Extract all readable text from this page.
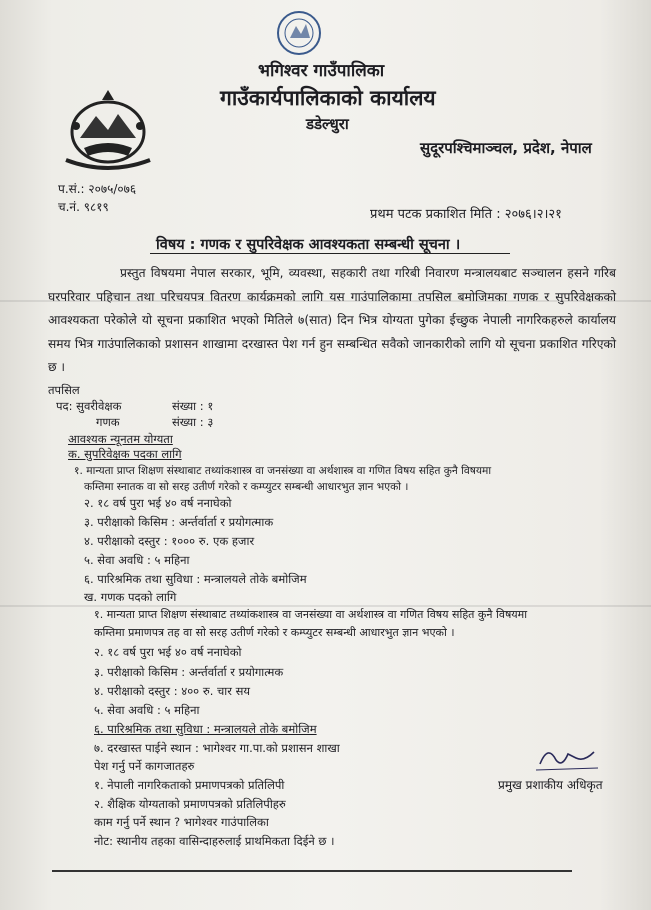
भगिश्वर गाउँपालिका
गाउँकार्यपालिकाको कार्यालय
डडेल्धुरा
सुदूरपश्चिमाञ्चल, प्रदेश, नेपाल
प.सं.: २०७५/०७६
च.नं. ९८१९	प्रथम पटक प्रकाशित मिति : २०७६।२।२१
विषय : गणक र सुपरिवेक्षक आवश्यकता सम्बन्धी सूचना ।
प्रस्तुत विषयमा नेपाल सरकार, भूमि, व्यवस्था, सहकारी तथा गरिबी निवारण मन्त्रालयबाट सञ्चालन हसने गरिब घरपरिवार पहिचान तथा परिचयपत्र वितरण कार्यक्रमको लागि यस गाउंपालिकामा तपसिल बमोजिमका गणक र सुपरिवेक्षकको आवश्यकता परेकोले यो सूचना प्रकाशित भएको मितिले ७(सात) दिन भित्र योग्यता पुगेका ईच्छुक नेपाली नागरिकहरुले कार्यालय समय भित्र गाउंपालिकाको प्रशासन शाखामा दरखास्त पेश गर्न हुन सम्बन्धित सवैको जानकारीको लागि यो सूचना प्रकाशित गरिएको छ ।
तपसिल
पद: सुवरीवेक्षक	संख्या : १
गणक	संख्या : ३
आवश्यक न्यूनतम योग्यता
क. सुपरिवेक्षक पदका लागि
१. मान्यता प्राप्त शिक्षण संस्थाबाट तथ्यांकशास्त्र वा जनसंख्या वा अर्थशास्त्र वा गणित विषय सहित कुनै विषयमा
कम्तिमा स्नातक वा सो सरह उतीर्ण गरेको र कम्प्युटर सम्बन्धी आधारभुत ज्ञान भएको ।
२. १८ वर्ष पुरा भई ४० वर्ष ननाघेको
३. परीक्षाको किसिम : अर्न्तर्वार्ता र प्रयोगत्माक
४. परीक्षाको दस्तुर : १००० रु. एक हजार
५. सेवा अवधि : ५ महिना
६. पारिश्रमिक तथा सुविधा : मन्त्रालयले तोके बमोजिम
ख. गणक पदको लागि
१. मान्यता प्राप्त शिक्षण संस्थाबाट तथ्यांकशास्त्र वा जनसंख्या वा अर्थशास्त्र वा गणित विषय सहित कुनै विषयमा
कम्तिमा प्रमाणपत्र तह वा सो सरह उतीर्ण गरेको र कम्प्युटर सम्बन्धी आधारभुत ज्ञान भएको ।
२. १८ वर्ष पुरा भई ४० वर्ष ननाघेको
३. परीक्षाको किसिम : अर्न्तर्वार्ता र प्रयोगात्मक
४. परीक्षाको दस्तुर : ४०० रु. चार सय
५. सेवा अवधि : ५ महिना
६. पारिश्रमिक तथा सुविधा : मन्त्रालयले तोके बमोजिम
७. दरखास्त पाईने स्थान : भागेश्वर गा.पा.को प्रशासन शाखा
पेश गर्नु पर्ने कागजातहरु
१. नेपाली नागरिकताको प्रमाणपत्रको प्रतिलिपी
२. शैक्षिक योग्यताको प्रमाणपत्रको प्रतिलिपीहरु
काम गर्नु पर्ने स्थान ? भागेश्वर गाउंपालिका
नोट: स्थानीय तहका वासिन्दाहरुलाई प्राथमिकता दिईने छ ।
प्रमुख प्रशाकीय अधिकृत
